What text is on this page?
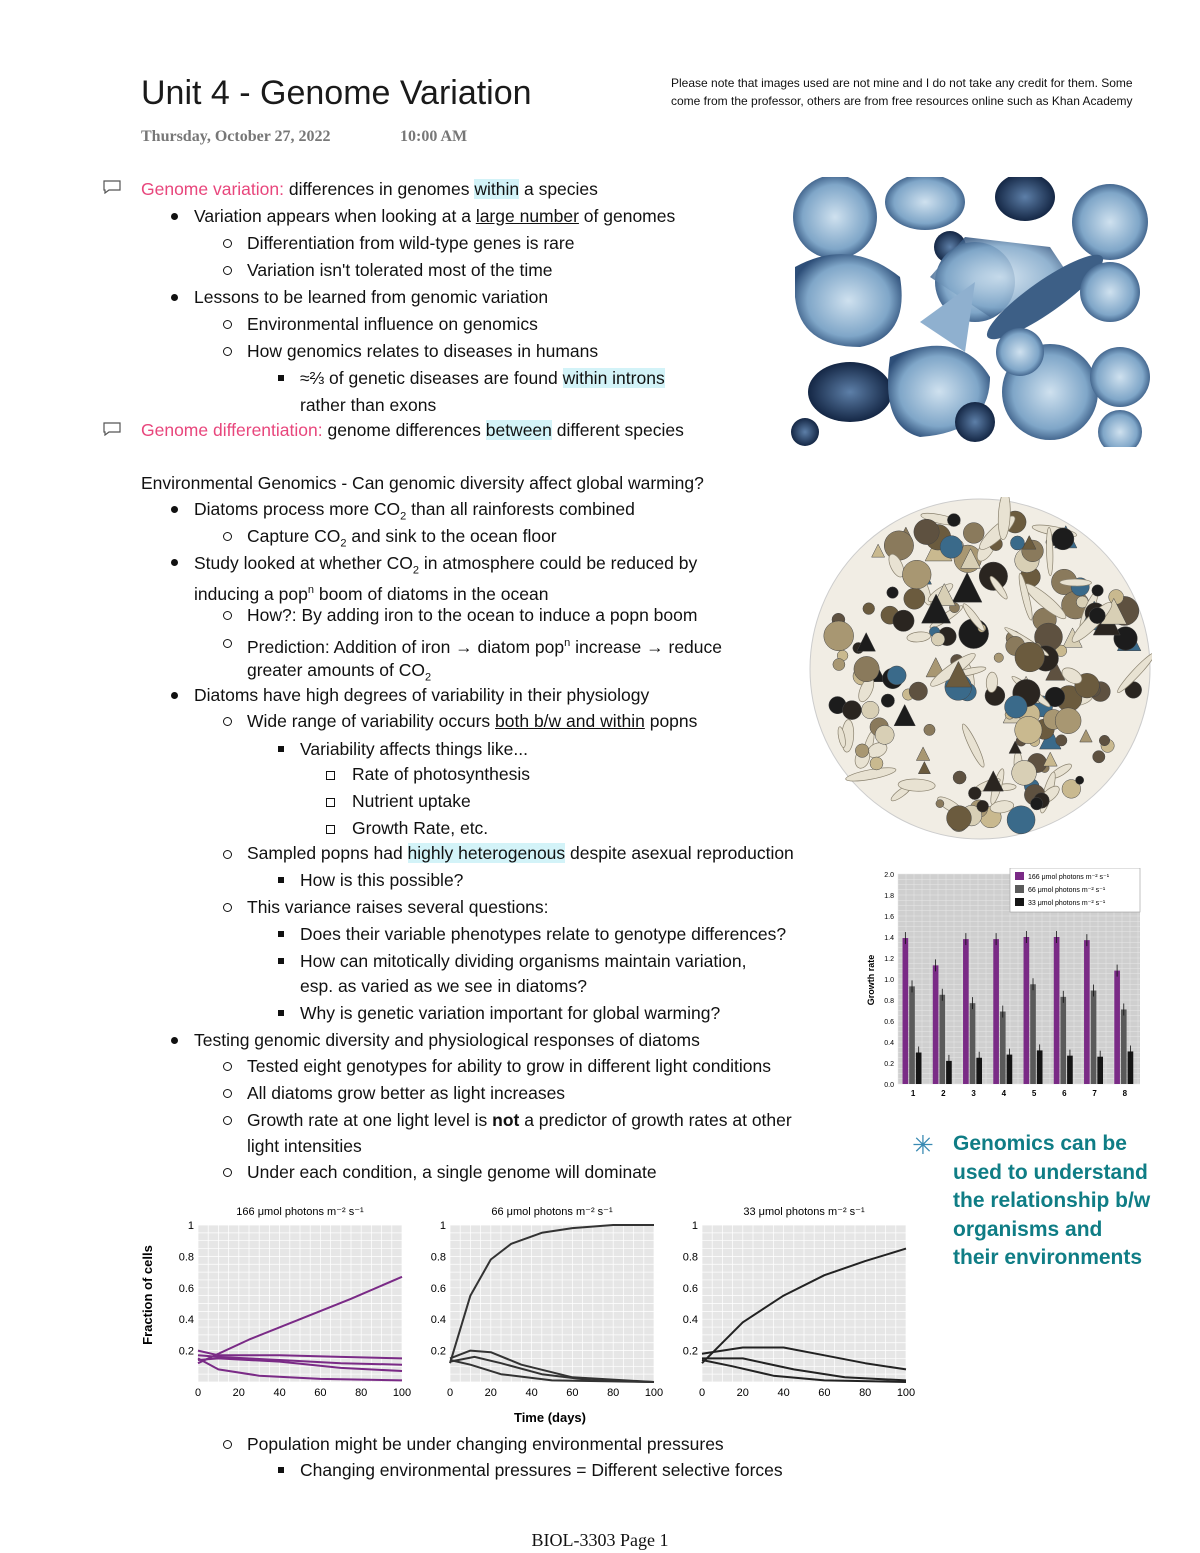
Unit 4 - Genome Variation
Thursday, October 27, 2022	10:00 AM
Please note that images used are not mine and I do not take any credit for them. Some come from the professor, others are from free resources online such as Khan Academy
Genome variation: differences in genomes within a species
Variation appears when looking at a large number of genomes
Differentiation from wild-type genes is rare
Variation isn't tolerated most of the time
Lessons to be learned from genomic variation
Environmental influence on genomics
How genomics relates to diseases in humans
≈⅔ of genetic diseases are found within introns
rather than exons
Genome differentiation: genome differences between different species
Environmental Genomics - Can genomic diversity affect global warming?
Diatoms process more $CO_2$ than all rainforests combined
Capture $CO_2$ and sink to the ocean floor
Study looked at whether $CO_2$ in atmosphere could be reduced by
inducing a pop$^n$ boom of diatoms in the ocean
How?: By adding iron to the ocean to induce a popn boom
Prediction: Addition of iron → diatom pop$^n$ increase → reduce
greater amounts of $CO_2$
Diatoms have high degrees of variability in their physiology
Wide range of variability occurs both b/w and within popns
Variability affects things like...
Rate of photosynthesis
Nutrient uptake
Growth Rate, etc.
Sampled popns had highly heterogenous despite asexual reproduction
How is this possible?
This variance raises several questions:
Does their variable phenotypes relate to genotype differences?
How can mitotically dividing organisms maintain variation,
esp. as varied as we see in diatoms?
Why is genetic variation important for global warming?
Testing genomic diversity and physiological responses of diatoms
Tested eight genotypes for ability to grow in different light conditions
All diatoms grow better as light increases
Growth rate at one light level is not a predictor of growth rates at other
light intensities
Under each condition, a single genome will dominate
Population might be under changing environmental pressures
Changing environmental pressures = Different selective forces
0.0
0.2
0.4
0.6
0.8
1.0
1.2
1.4
1.6
1.8
2.0
1	2	3	4	5	6	7	8
Growth rate
166 μmol photons m⁻² s⁻¹
66 μmol photons m⁻² s⁻¹
33 μmol photons m⁻² s⁻¹
166 μmol photons m⁻² s⁻¹
0	20	40	60	80 100
0.2
0.4
0.6
0.8
1
66 μmol photons m⁻² s⁻¹
0	20	40	60	80 100
0.2
0.4
0.6
0.8
1
33 μmol photons m⁻² s⁻¹
0	20	40	60	80 100
0.2
0.4
0.6
0.8
1
Fraction of cells
Time (days)
✳ Genomics can be used to understand the relationship b/w organisms and their environments
BIOL-3303 Page 1
